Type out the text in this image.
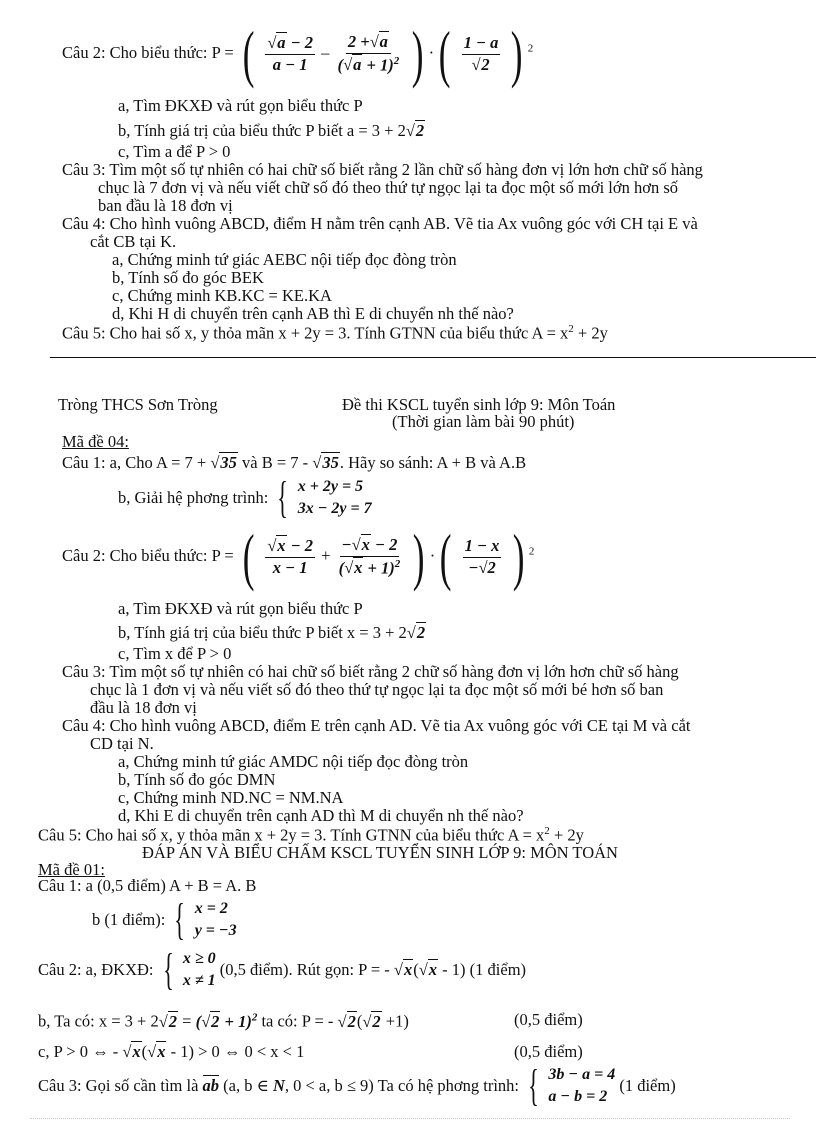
Câu 2: Cho biểu thức: P = ( $\frac{√a - 2}{a - 1} - \frac{2 +√a}{(√a + 1)^2}$ ) ·( $\frac{1 - a}{√2}$ ) $^2$
a, Tìm ĐKXĐ và rút gọn biểu thức P
b, Tính giá trị của biểu thức P biết a = 3 + 2√2
c, Tìm a để P > 0
Câu 3: Tìm một số tự nhiên có hai chữ số biết rằng 2 lần chữ số hàng đơn vị lớn hơn chữ số hàng
chục là 7 đơn vị và nếu viết chữ số đó theo thứ tự ngọc lại ta đọc một số mới lớn hơn số
ban đầu là 18 đơn vị
Câu 4: Cho hình vuông ABCD, điểm H nằm trên cạnh AB. Vẽ tia Ax vuông góc với CH tại E và
cắt CB tại K.
a, Chứng minh tứ giác AEBC nội tiếp đọc đòng tròn
b, Tính số đo góc BEK
c, Chứng minh KB.KC = KE.KA
d, Khi H di chuyển trên cạnh AB thì E di chuyển nh thế nào?
Câu 5: Cho hai số x, y thỏa mãn x + 2y = 3. Tính GTNN của biểu thức $A = x^2 + 2y$
Tròng THCS Sơn Tròng	Đề thi KSCL tuyển sinh lớp 9: Môn Toán
(Thời gian làm bài 90 phút)
Mã đề 04:
Câu 1: a, Cho A = 7 + √35 và B = 7 - √35. Hãy so sánh: A + B và A.B
b, Giải hệ phơng trình: { x + 2y = 5
3x − 2y = 7
Câu 2: Cho biểu thức: P = ( $\frac{√x - 2}{x - 1} + \frac{-√x - 2}{(√x + 1)^2}$ ) ·( $\frac{1 - x}{-√2}$ ) $^2$
a, Tìm ĐKXĐ và rút gọn biểu thức P
b, Tính giá trị của biểu thức P biết x = 3 + 2√2
c, Tìm x để P > 0
Câu 3: Tìm một số tự nhiên có hai chữ số biết rằng 2 chữ số hàng đơn vị lớn hơn chữ số hàng
chục là 1 đơn vị và nếu viết số đó theo thứ tự ngọc lại ta đọc một số mới bé hơn số ban
đầu là 18 đơn vị
Câu 4: Cho hình vuông ABCD, điểm E trên cạnh AD. Vẽ tia Ax vuông góc với CE tại M và cắt
CD tại N.
a, Chứng minh tứ giác AMDC nội tiếp đọc đòng tròn
b, Tính số đo góc DMN
c, Chứng minh ND.NC = NM.NA
d, Khi E di chuyển trên cạnh AD thì M di chuyển nh thế nào?
Câu 5: Cho hai số x, y thỏa mãn x + 2y = 3. Tính GTNN của biểu thức $A = x^2 + 2y$
ĐÁP ÁN VÀ BIỂU CHẤM KSCL TUYỂN SINH LỚP 9: MÔN TOÁN
Mã đề 01:
Câu 1: a (0,5 điểm) A + B = A. B
b (1 điểm): { x = 2
y = −3
Câu 2: a, ĐKXĐ: { x ≥ 0
x ≠ 1
(0,5 điểm). Rút gọn: P = - √x(√x - 1) (1 điểm)
b, Ta có: $x = 3 + 2√2 = (√2 + 1)^2$ ta có: P = - √2(√2 +1)	(0,5 điểm)
c, P > 0 ⇔ - √x(√x - 1) > 0 ⇔ 0 < x < 1	(0,5 điểm)
Câu 3: Gọi số cần tìm là ab (a, b ∈ N, 0 < a, b ≤ 9) Ta có hệ phơng trình: { 3b − a = 4
a − b = 2
(1 điểm)
